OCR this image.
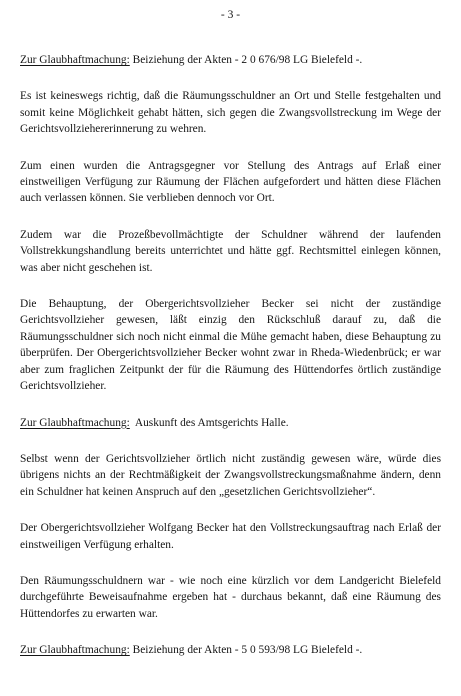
- 3 -

Zur Glaubhaftmachung: Beiziehung der Akten - 2 0 676/98 LG Bielefeld -.

Es ist keineswegs richtig, daß die Räumungsschuldner an Ort und Stelle festgehalten und somit keine Möglichkeit gehabt hätten, sich gegen die Zwangsvollstreckung im Wege der Gerichtsvollziehererinnerung zu wehren.

Zum einen wurden die Antragsgegner vor Stellung des Antrags auf Erlaß einer einstweiligen Verfügung zur Räumung der Flächen aufgefordert und hätten diese Flächen auch verlassen können. Sie verblieben dennoch vor Ort.

Zudem war die Prozeßbevollmächtigte der Schuldner während der laufenden Vollstrekkungshandlung bereits unterrichtet und hätte ggf. Rechtsmittel einlegen können, was aber nicht geschehen ist.

Die Behauptung, der Obergerichtsvollzieher Becker sei nicht der zuständige Gerichtsvollzieher gewesen, läßt einzig den Rückschluß darauf zu, daß die Räumungsschuldner sich noch nicht einmal die Mühe gemacht haben, diese Behauptung zu überprüfen. Der Obergerichtsvollzieher Becker wohnt zwar in Rheda-Wiedenbrück; er war aber zum fraglichen Zeitpunkt der für die Räumung des Hüttendorfes örtlich zuständige Gerichtsvollzieher.

Zur Glaubhaftmachung: Auskunft des Amtsgerichts Halle.

Selbst wenn der Gerichtsvollzieher örtlich nicht zuständig gewesen wäre, würde dies übrigens nichts an der Rechtmäßigkeit der Zwangsvollstreckungsmaßnahme ändern, denn ein Schuldner hat keinen Anspruch auf den „gesetzlichen Gerichtsvollzieher“.

Der Obergerichtsvollzieher Wolfgang Becker hat den Vollstreckungsauftrag nach Erlaß der einstweiligen Verfügung erhalten.

Den Räumungsschuldnern war - wie noch eine kürzlich vor dem Landgericht Bielefeld durchgeführte Beweisaufnahme ergeben hat - durchaus bekannt, daß eine Räumung des Hüttendorfes zu erwarten war.

Zur Glaubhaftmachung: Beiziehung der Akten - 5 0 593/98 LG Bielefeld -.
